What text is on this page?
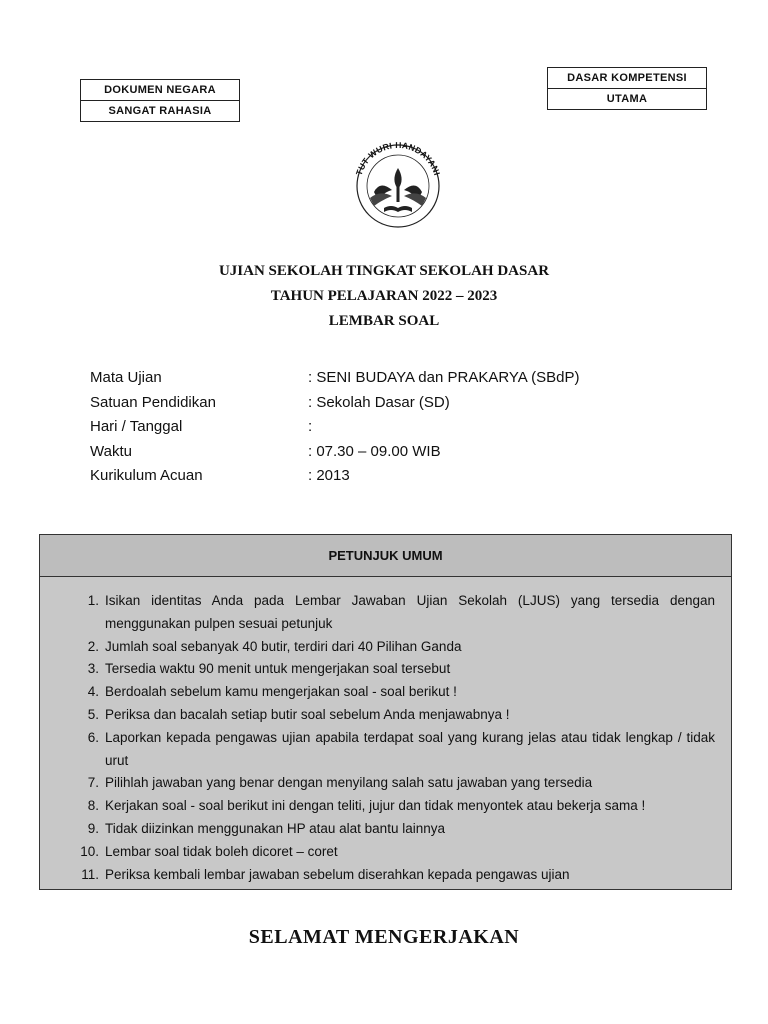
DOKUMEN NEGARA
SANGAT RAHASIA
DASAR KOMPETENSI
UTAMA
TUT WURI HANDAYANI
UJIAN SEKOLAH TINGKAT SEKOLAH DASAR
TAHUN PELAJARAN 2022 – 2023
LEMBAR SOAL
Mata Ujian	: SENI BUDAYA dan PRAKARYA (SBdP)
Satuan Pendidikan	: Sekolah Dasar (SD)
Hari / Tanggal	:
Waktu	: 07.30 – 09.00 WIB
Kurikulum Acuan	: 2013
PETUNJUK UMUM
1. Isikan identitas Anda pada Lembar Jawaban Ujian Sekolah (LJUS) yang tersedia dengan menggunakan pulpen sesuai petunjuk
2. Jumlah soal sebanyak 40 butir, terdiri dari 40 Pilihan Ganda
3. Tersedia waktu 90 menit untuk mengerjakan soal tersebut
4. Berdoalah sebelum kamu mengerjakan soal - soal berikut !
5. Periksa dan bacalah setiap butir soal sebelum Anda menjawabnya !
6. Laporkan kepada pengawas ujian apabila terdapat soal yang kurang jelas atau tidak lengkap / tidak urut
7. Pilihlah jawaban yang benar dengan menyilang salah satu jawaban yang tersedia
8. Kerjakan soal - soal berikut ini dengan teliti, jujur dan tidak menyontek atau bekerja sama !
9. Tidak diizinkan menggunakan HP atau alat bantu lainnya
10. Lembar soal tidak boleh dicoret – coret
11. Periksa kembali lembar jawaban sebelum diserahkan kepada pengawas ujian
SELAMAT MENGERJAKAN
